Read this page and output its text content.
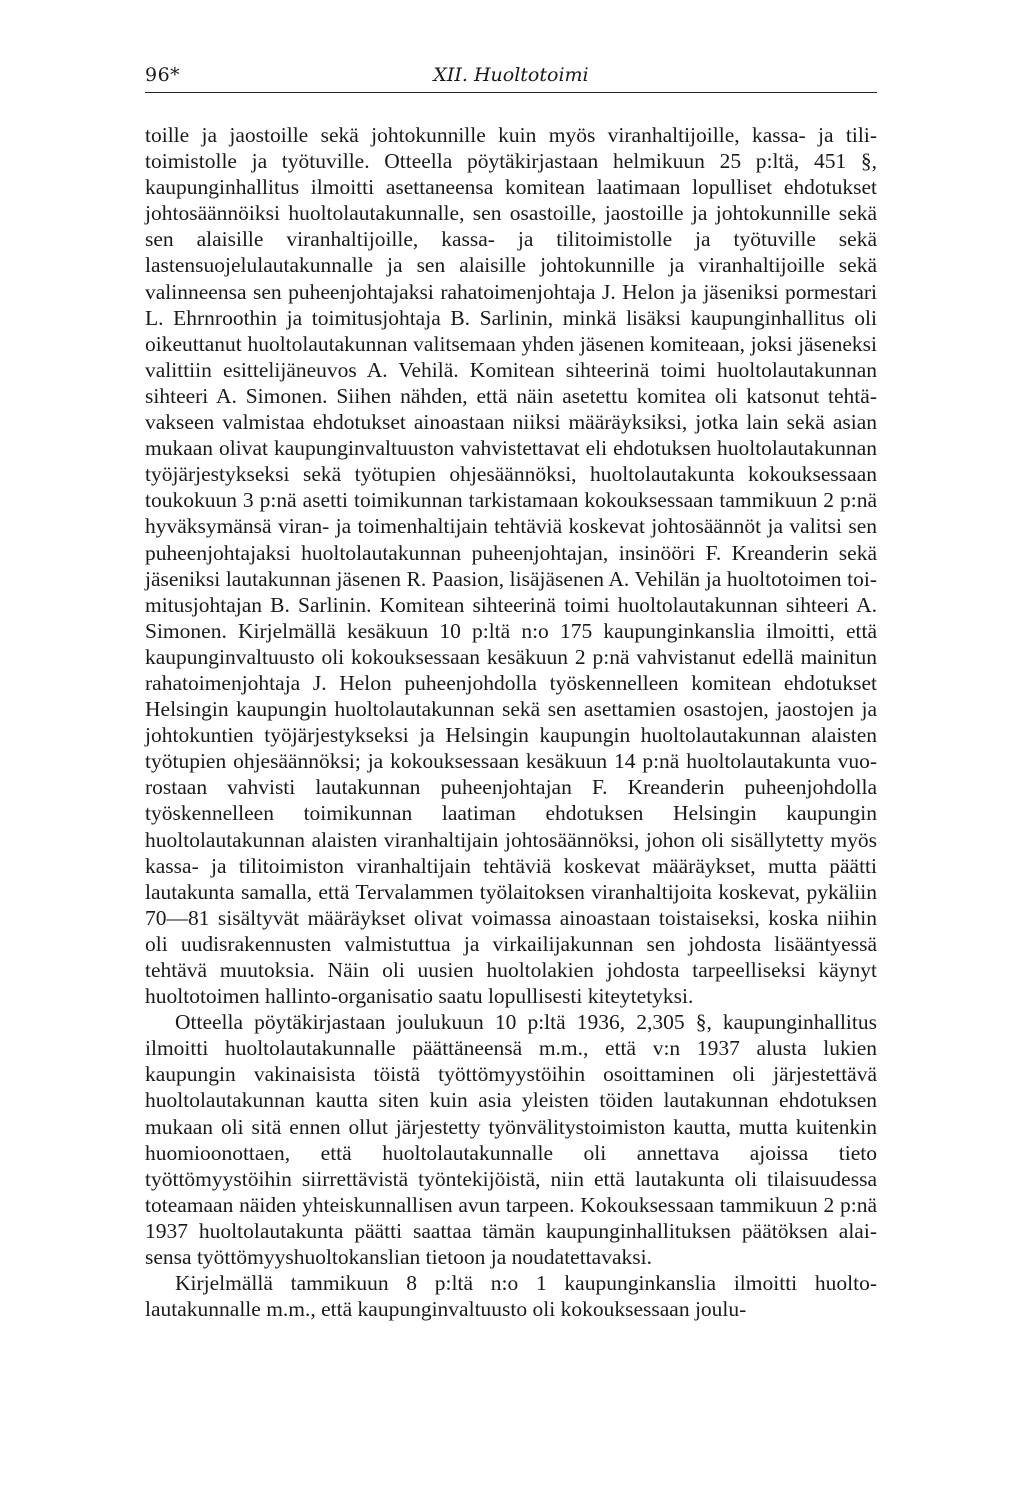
96*	XII. Huoltotoimi

toille ja jaostoille sekä johtokunnille kuin myös viranhaltijoille, kassa- ja tilitoimistolle ja työtuville. Otteella pöytäkirjastaan helmikuun 25 p:ltä, 451 §, kaupunginhallitus ilmoitti asettaneensa komitean laatimaan lopulliset ehdotukset johtosäännöiksi huoltolautakunnalle, sen osastoille, jaostoille ja johtokunnille sekä sen alaisille viranhaltijoille, kassa- ja tilitoimistolle ja työtuville sekä lastensuojelulautakunnalle ja sen alaisille johtokunnille ja viranhaltijoille sekä valinneensa sen puheenjohtajaksi rahatoimenjohtaja J. Helon ja jäseniksi pormestari L. Ehrnroothin ja toimitusjohtaja B. Sarlinin, minkä lisäksi kaupunginhallitus oli oikeuttanut huoltolautakunnan valitsemaan yhden jäsenen komiteaan, joksi jäseneksi valittiin esittelijäneuvos A. Vehilä. Komitean sihteerinä toimi huoltolautakunnan sihteeri A. Simonen. Siihen nähden, että näin asetettu komitea oli katsonut tehtävakseen valmistaa ehdotukset ainoastaan niiksi määräyksiksi, jotka lain sekä asian mukaan olivat kaupunginvaltuuston vahvistettavat eli ehdotuksen huoltolautakunnan työjärjestykseksi sekä työtupien ohjesäännöksi, huoltolautakunta kokouksessaan toukokuun 3 p:nä asetti toimikunnan tarkistamaan kokouksessaan tammikuun 2 p:nä hyväksymänsä viran- ja toimenhaltijain tehtäviä koskevat johtosäännöt ja valitsi sen puheenjohtajaksi huoltolautakunnan puheenjohtajan, insinööri F. Kreanderin sekä jäseniksi lautakunnan jäsenen R. Paasion, lisäjäsenen A. Vehilän ja huoltotoimen toimitusjohtajan B. Sarlinin. Komitean sihteerinä toimi huoltolautakunnan sihteeri A. Simonen. Kirjelmällä kesäkuun 10 p:ltä n:o 175 kaupunginkanslia ilmoitti, että kaupunginvaltuusto oli kokouksessaan kesäkuun 2 p:nä vahvistanut edellä mainitun rahatoimenjohtaja J. Helon puheenjohdolla työskennelleen komitean ehdotukset Helsingin kaupungin huoltolautakunnan sekä sen asettamien osastojen, jaostojen ja johtokuntien työjärjestykseksi ja Helsingin kaupungin huoltolautakunnan alaisten työtupien ohjesäännöksi; ja kokouksessaan kesäkuun 14 p:nä huoltolautakunta vuorostaan vahvisti lautakunnan puheenjohtajan F. Kreanderin puheenjohdolla työskennelleen toimikunnan laatiman ehdotuksen Helsingin kaupungin huoltolautakunnan alaisten viranhaltijain johtosäännöksi, johon oli sisällytetty myös kassa- ja tilitoimiston viranhaltijain tehtäviä koskevat määräykset, mutta päätti lautakunta samalla, että Tervalammen työlaitoksen viranhaltijoita koskevat, pykäliin 70—81 sisältyvät määräykset olivat voimassa ainoastaan toistaiseksi, koska niihin oli uudisrakennusten valmistuttua ja virkailijakunnan sen johdosta lisääntyessä tehtävä muutoksia. Näin oli uusien huoltolakien johdosta tarpeelliseksi käynyt huoltotoimen hallinto-organisatio saatu lopullisesti kiteytetyksi.

Otteella pöytäkirjastaan joulukuun 10 p:ltä 1936, 2,305 §, kaupunginhallitus ilmoitti huoltolautakunnalle päättäneensä m.m., että v:n 1937 alusta lukien kaupungin vakinaisista töistä työttömyystöihin osoittaminen oli järjestettävä huoltolautakunnan kautta siten kuin asia yleisten töiden lautakunnan ehdotuksen mukaan oli sitä ennen ollut järjestetty työnvälitystoimiston kautta, mutta kuitenkin huomioonottaen, että huoltolautakunnalle oli annettava ajoissa tieto työttömyystöihin siirrettävistä työntekijöistä, niin että lautakunta oli tilaisuudessa toteamaan näiden yhteiskunnallisen avun tarpeen. Kokouksessaan tammikuun 2 p:nä 1937 huoltolautakunta päätti saattaa tämän kaupunginhallituksen päätöksen alaisensa työttömyyshuoltokanslian tietoon ja noudatettavaksi.

Kirjelmällä tammikuun 8 p:ltä n:o 1 kaupunginkanslia ilmoitti huoltolautakunnalle m.m., että kaupunginvaltuusto oli kokouksessaan joulu-
